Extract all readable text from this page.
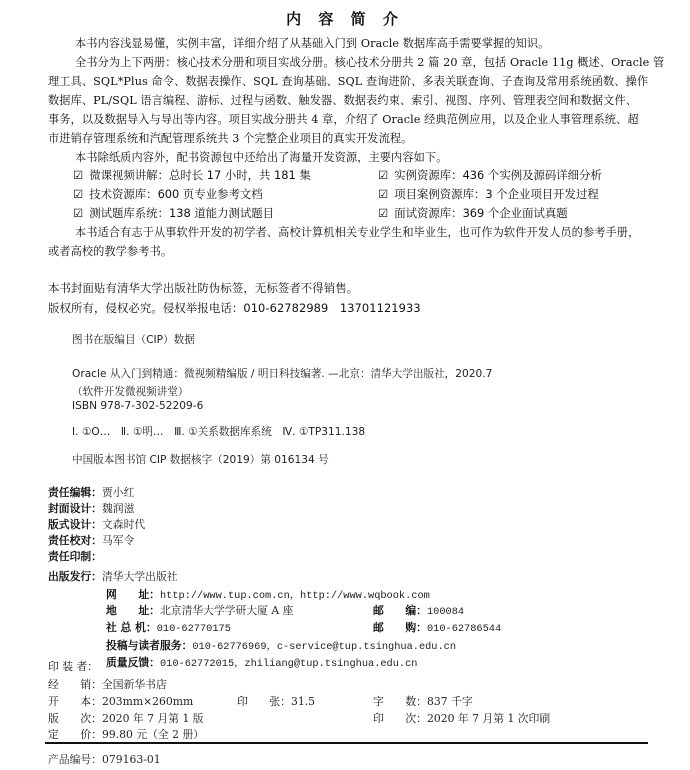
内 容 简 介
本书内容浅显易懂，实例丰富，详细介绍了从基础入门到 Oracle 数据库高手需要掌握的知识。
全书分为上下两册：核心技术分册和项目实战分册。核心技术分册共 2 篇 20 章，包括 Oracle 11g 概述、Oracle 管
理工具、SQL*Plus 命令、数据表操作、SQL 查询基础、SQL 查询进阶、多表关联查询、子查询及常用系统函数、操作
数据库、PL/SQL 语言编程、游标、过程与函数、触发器、数据表约束、索引、视图、序列、管理表空间和数据文件、
事务，以及数据导入与导出等内容。项目实战分册共 4 章，介绍了 Oracle 经典范例应用，以及企业人事管理系统、超
市进销存管理系统和汽配管理系统共 3 个完整企业项目的真实开发流程。
本书除纸质内容外，配书资源包中还给出了海量开发资源，主要内容如下。
☑ 微课视频讲解：总时长 17 小时，共 181 集	☑ 实例资源库：436 个实例及源码详细分析
☑ 技术资源库：600 页专业参考文档	☑ 项目案例资源库：3 个企业项目开发过程
☑ 测试题库系统：138 道能力测试题目	☑ 面试资源库：369 个企业面试真题
本书适合有志于从事软件开发的初学者、高校计算机相关专业学生和毕业生，也可作为软件开发人员的参考手册，
或者高校的教学参考书。
本书封面贴有清华大学出版社防伪标签，无标签者不得销售。
版权所有，侵权必究。侵权举报电话：010-62782989　13701121933
图书在版编目（CIP）数据
Oracle 从入门到精通：微视频精编版 / 明日科技编著. —北京：清华大学出版社，2020.7
（软件开发微视频讲堂）
ISBN 978-7-302-52209-6
Ⅰ. ①O…　Ⅱ. ①明…　Ⅲ. ①关系数据库系统　Ⅳ. ①TP311.138
中国版本图书馆 CIP 数据核字（2019）第 016134 号
责任编辑：贾小红
封面设计：魏润滋
版式设计：文森时代
责任校对：马军令
责任印制：
出版发行：清华大学出版社
网　　址：http://www.tup.com.cn，http://www.wqbook.com
地　　址：北京清华大学学研大厦 A 座	邮　　编：100084
社 总 机：010-62770175	邮　　购：010-62786544
投稿与读者服务：010-62776969，c-service@tup.tsinghua.edu.cn
质量反馈：010-62772015，zhiliang@tup.tsinghua.edu.cn
印 装 者：
经　　销：全国新华书店
开　　本：203mm×260mm	印　　张：31.5	字　　数：837 千字
版　　次：2020 年 7 月第 1 版	印　　次：2020 年 7 月第 1 次印刷
定　　价：99.80 元（全 2 册）
产品编号：079163-01
